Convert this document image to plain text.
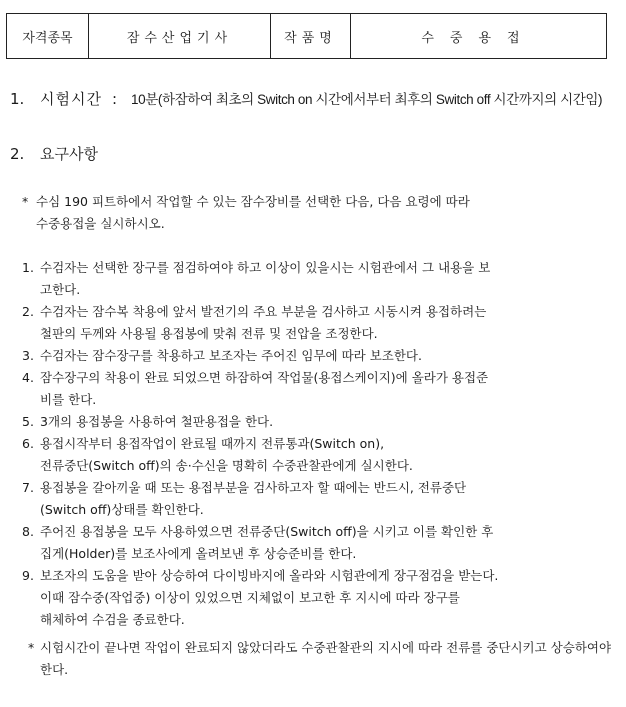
자격종목	잠수산업기사	작품명	수중용접
1. 시험시간 : 10분(하잠하여 최초의 Switch on 시간에서부터 최후의 Switch off 시간까지의 시간임)
2. 요구사항
* 수심 190 피트하에서 작업할 수 있는 잠수장비를 선택한 다음, 다음 요령에 따라
수중용접을 실시하시오.
1. 수검자는 선택한 장구를 점검하여야 하고 이상이 있을시는 시험관에서 그 내용을 보
고한다.
2. 수검자는 잠수복 착용에 앞서 발전기의 주요 부분을 검사하고 시동시켜 용접하려는
철판의 두께와 사용될 용접봉에 맞춰 전류 및 전압을 조정한다.
3. 수검자는 잠수장구를 착용하고 보조자는 주어진 임무에 따라 보조한다.
4. 잠수장구의 착용이 완료 되었으면 하잠하여 작업물(용접스케이지)에 올라가 용접준
비를 한다.
5. 3개의 용접봉을 사용하여 철판용접을 한다.
6. 용접시작부터 용접작업이 완료될 때까지 전류통과(Switch on),
전류중단(Switch off)의 송·수신을 명확히 수중관찰관에게 실시한다.
7. 용접봉을 갈아끼울 때 또는 용접부분을 검사하고자 할 때에는 반드시, 전류중단
(Switch off)상태를 확인한다.
8. 주어진 용접봉을 모두 사용하였으면 전류중단(Switch off)을 시키고 이를 확인한 후
집게(Holder)를 보조사에게 올려보낸 후 상승준비를 한다.
9. 보조자의 도움을 받아 상승하여 다이빙바지에 올라와 시험관에게 장구점검을 받는다.
이때 잠수중(작업중) 이상이 있었으면 지체없이 보고한 후 지시에 따라 장구를
해체하여 수검을 종료한다.
* 시험시간이 끝나면 작업이 완료되지 않았더라도 수중관찰관의 지시에 따라 전류를 중단시키고 상승하여야 한다.
